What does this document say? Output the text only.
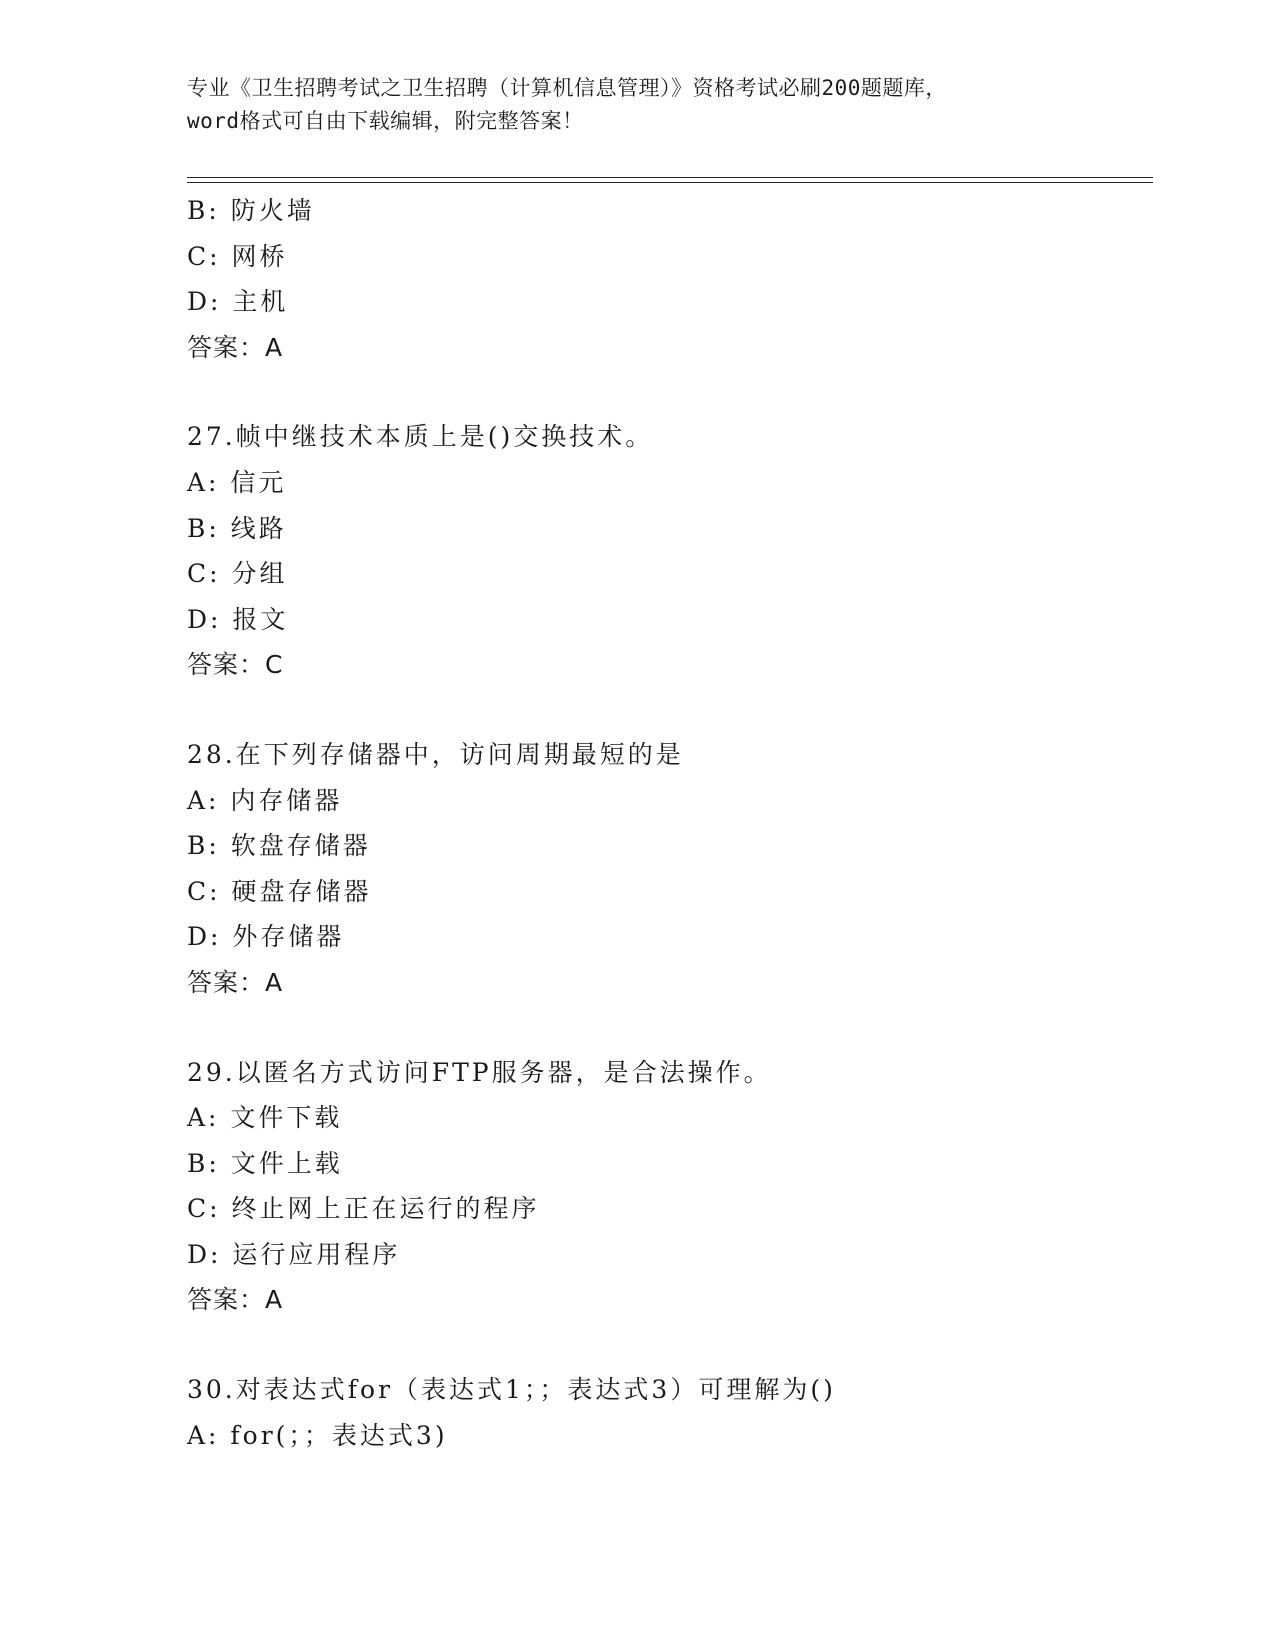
专业《卫生招聘考试之卫生招聘（计算机信息管理）》资格考试必刷200题题库，
word格式可自由下载编辑，附完整答案！
B: 防火墙
C: 网桥
D: 主机
答案：A
27.帧中继技术本质上是()交换技术。
A: 信元
B: 线路
C: 分组
D: 报文
答案：C
28.在下列存储器中，访问周期最短的是
A: 内存储器
B: 软盘存储器
C: 硬盘存储器
D: 外存储器
答案：A
29.以匿名方式访问FTP服务器，是合法操作。
A: 文件下载
B: 文件上载
C: 终止网上正在运行的程序
D: 运行应用程序
答案：A
30.对表达式for（表达式1；；表达式3）可理解为()
A: for(；；表达式3)
